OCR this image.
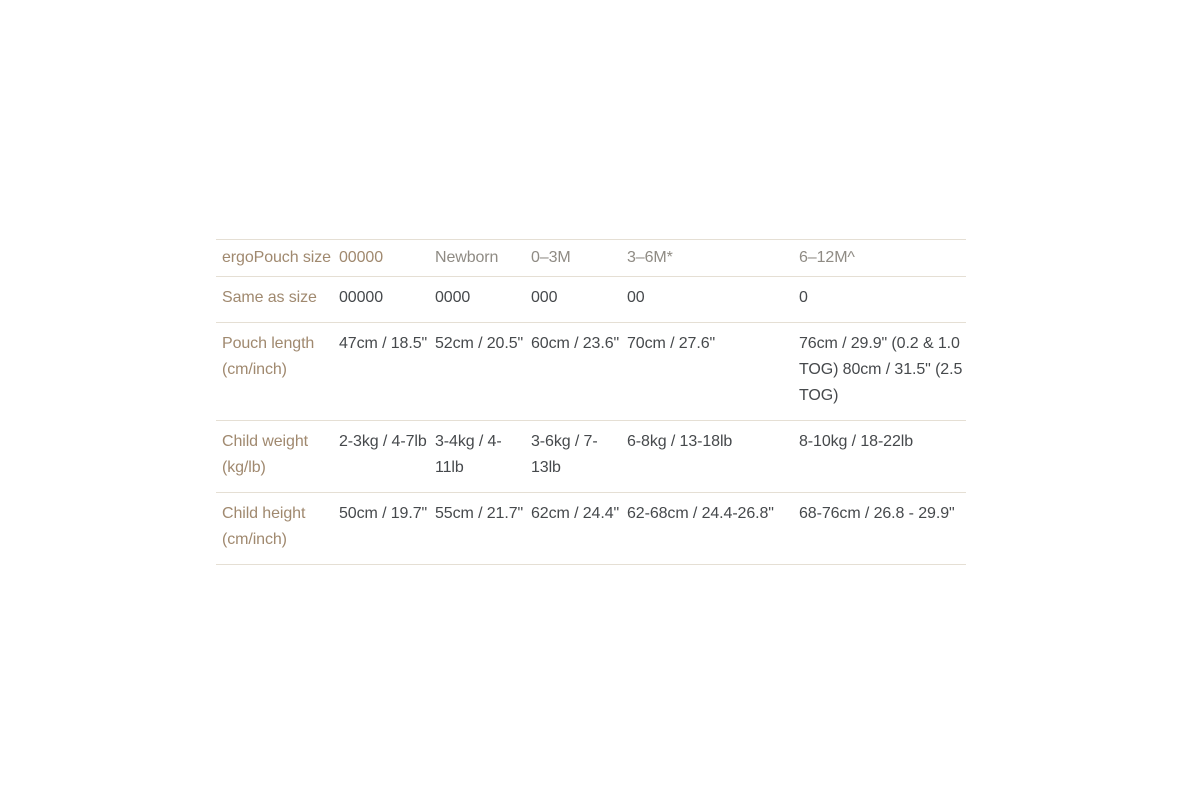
ergoPouch size	00000	Newborn	0–3M	3–6M*	6–12M^
Same as size	00000	0000	000	00	0
Pouch length (cm/inch)	47cm / 18.5"	52cm / 20.5"	60cm / 23.6"	70cm / 27.6"	76cm / 29.9" (0.2 & 1.0 TOG) 80cm / 31.5" (2.5 TOG)
Child weight (kg/lb)	2-3kg / 4-7lb	3-4kg / 4-11lb	3-6kg / 7-13lb	6-8kg / 13-18lb	8-10kg / 18-22lb
Child height (cm/inch)	50cm / 19.7"	55cm / 21.7"	62cm / 24.4"	62-68cm / 24.4-26.8"	68-76cm / 26.8 - 29.9"
